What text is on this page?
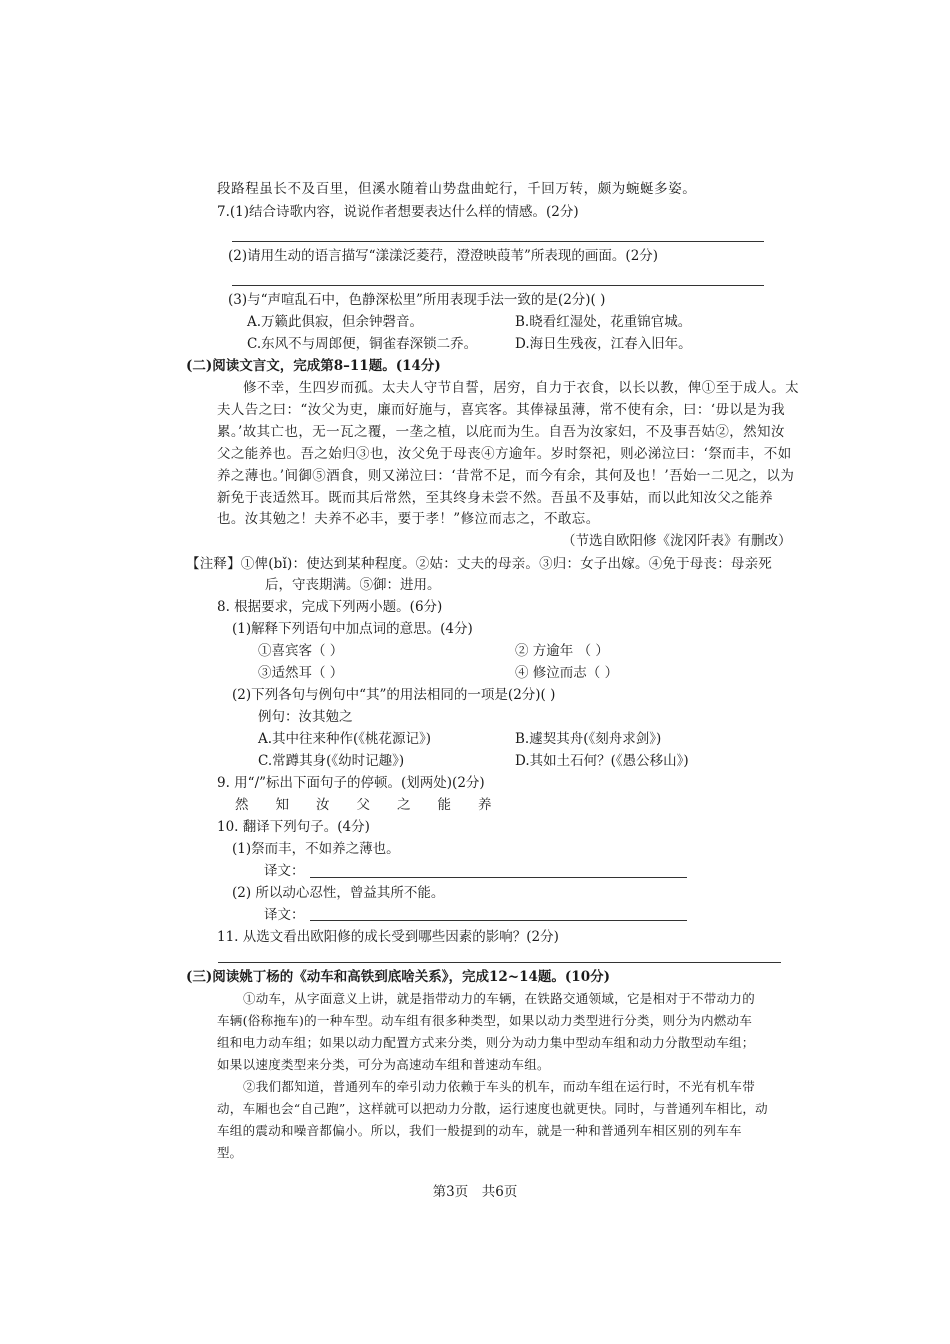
段路程虽长不及百里，但溪水随着山势盘曲蛇行，千回万转，颇为蜿蜒多姿。
7.(1)结合诗歌内容，说说作者想要表达什么样的情感。(2分)
(2)请用生动的语言描写“漾漾泛菱荇，澄澄映葭苇”所表现的画面。(2分)
(3)与“声喧乱石中，色静深松里”所用表现手法一致的是(2分)( )
A.万籁此俱寂，但余钟磬音。	B.晓看红湿处，花重锦官城。
C.东风不与周郎便，铜雀春深锁二乔。	D.海日生残夜，江春入旧年。
(二)阅读文言文，完成第8–11题。(14分)
修不幸，生四岁而孤。太夫人守节自誓，居穷，自力于衣食，以长以教，俾①至于成人。太
夫人告之曰：“汝父为吏，廉而好施与，喜宾客。其俸禄虽薄，常不使有余，曰：‘毋以是为我
累。’故其亡也，无一瓦之覆，一垄之植，以庇而为生。自吾为汝家妇，不及事吾姑②，然知汝
父之能养也。吾之始归③也，汝父免于母丧④方逾年。岁时祭祀，则必涕泣曰：‘祭而丰，不如
养之薄也。’间御⑤酒食，则又涕泣曰：‘昔常不足，而今有余，其何及也！’吾始一二见之，以为
新免于丧适然耳。既而其后常然，至其终身未尝不然。吾虽不及事姑，而以此知汝父之能养
也。汝其勉之！夫养不必丰，要于孝！”修泣而志之，不敢忘。
（节选自欧阳修《泷冈阡表》有删改）
【注释】①俾(bǐ)：使达到某种程度。②姑：丈夫的母亲。③归：女子出嫁。④免于母丧：母亲死
后，守丧期满。⑤御：进用。
8. 根据要求，完成下列两小题。(6分)
(1)解释下列语句中加点词的意思。(4分)
①喜宾客（ ）	② 方逾年 （ ）
③适然耳（ ）	④ 修泣而志（ ）
(2)下列各句与例句中“其”的用法相同的一项是(2分)( )
例句：汝其勉之
A.其中往来种作(《桃花源记》)	B.遽契其舟(《刻舟求剑》)
C.常蹲其身(《幼时记趣》)	D.其如土石何？(《愚公移山》)
9. 用“/”标出下面句子的停顿。(划两处)(2分)
然　　知　　汝　　父　　之　　能　　养
10. 翻译下列句子。(4分)
(1)祭而丰，不如养之薄也。
译文：
(2) 所以动心忍性，曾益其所不能。
译文：
11. 从选文看出欧阳修的成长受到哪些因素的影响？(2分)
(三)阅读姚丁杨的《动车和高铁到底啥关系》，完成12~14题。(10分)
①动车，从字面意义上讲，就是指带动力的车辆，在铁路交通领域，它是相对于不带动力的
车辆(俗称拖车)的一种车型。动车组有很多种类型，如果以动力类型进行分类，则分为内燃动车
组和电力动车组；如果以动力配置方式来分类，则分为动力集中型动车组和动力分散型动车组；
如果以速度类型来分类，可分为高速动车组和普速动车组。
②我们都知道，普通列车的牵引动力依赖于车头的机车，而动车组在运行时，不光有机车带
动，车厢也会“自己跑”，这样就可以把动力分散，运行速度也就更快。同时，与普通列车相比，动
车组的震动和噪音都偏小。所以，我们一般提到的动车，就是一种和普通列车相区别的列车车
型。
第3页　共6页
